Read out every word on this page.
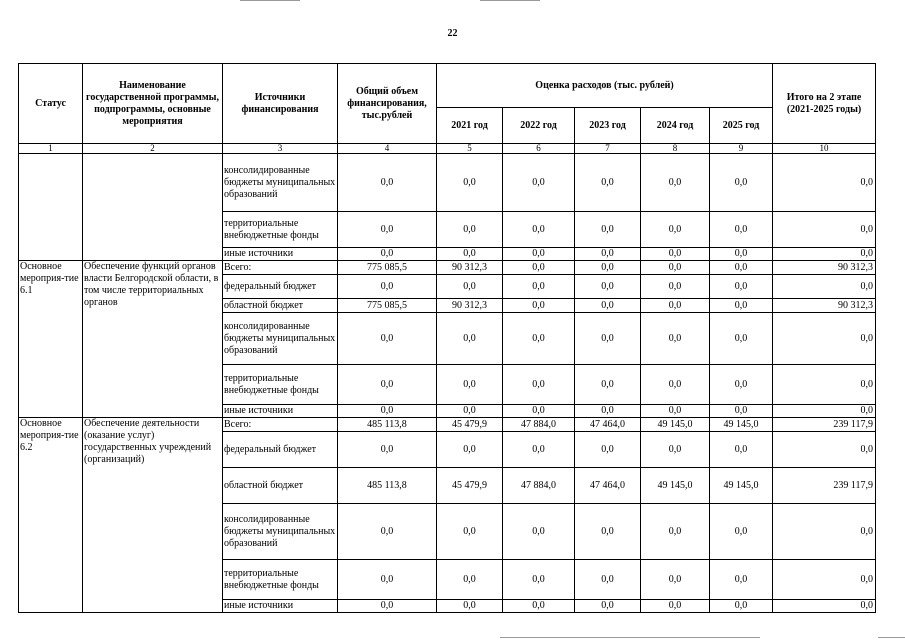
22
Статус	Наименование государственной программы, подпрограммы, основные мероприятия	Источники финансирования	Общий объем финансирования, тыс.рублей	Оценка расходов (тыс. рублей)					Итого на 2 этапе (2021-2025 годы)
				2021 год	2022 год	2023 год	2024 год	2025 год	
1	2	3	4	5	6	7	8	9	10
		консолидированные бюджеты муниципальных образований	0,0	0,0	0,0	0,0	0,0	0,0	0,0
		территориальные внебюджетные фонды	0,0	0,0	0,0	0,0	0,0	0,0	0,0
		иные источники	0,0	0,0	0,0	0,0	0,0	0,0	0,0
Основное мероприя-тие 6.1	Обеспечение функций органов власти Белгородской области, в том числе территориальных органов	Всего:	775 085,5	90 312,3	0,0	0,0	0,0	0,0	90 312,3
		федеральный бюджет	0,0	0,0	0,0	0,0	0,0	0,0	0,0
		областной бюджет	775 085,5	90 312,3	0,0	0,0	0,0	0,0	90 312,3
		консолидированные бюджеты муниципальных образований	0,0	0,0	0,0	0,0	0,0	0,0	0,0
		территориальные внебюджетные фонды	0,0	0,0	0,0	0,0	0,0	0,0	0,0
		иные источники	0,0	0,0	0,0	0,0	0,0	0,0	0,0
Основное мероприя-тие 6.2	Обеспечение деятельности (оказание услуг) государственных учреждений (организаций)	Всего:	485 113,8	45 479,9	47 884,0	47 464,0	49 145,0	49 145,0	239 117,9
		федеральный бюджет	0,0	0,0	0,0	0,0	0,0	0,0	0,0
		областной бюджет	485 113,8	45 479,9	47 884,0	47 464,0	49 145,0	49 145,0	239 117,9
		консолидированные бюджеты муниципальных образований	0,0	0,0	0,0	0,0	0,0	0,0	0,0
		территориальные внебюджетные фонды	0,0	0,0	0,0	0,0	0,0	0,0	0,0
		иные источники	0,0	0,0	0,0	0,0	0,0	0,0	0,0
